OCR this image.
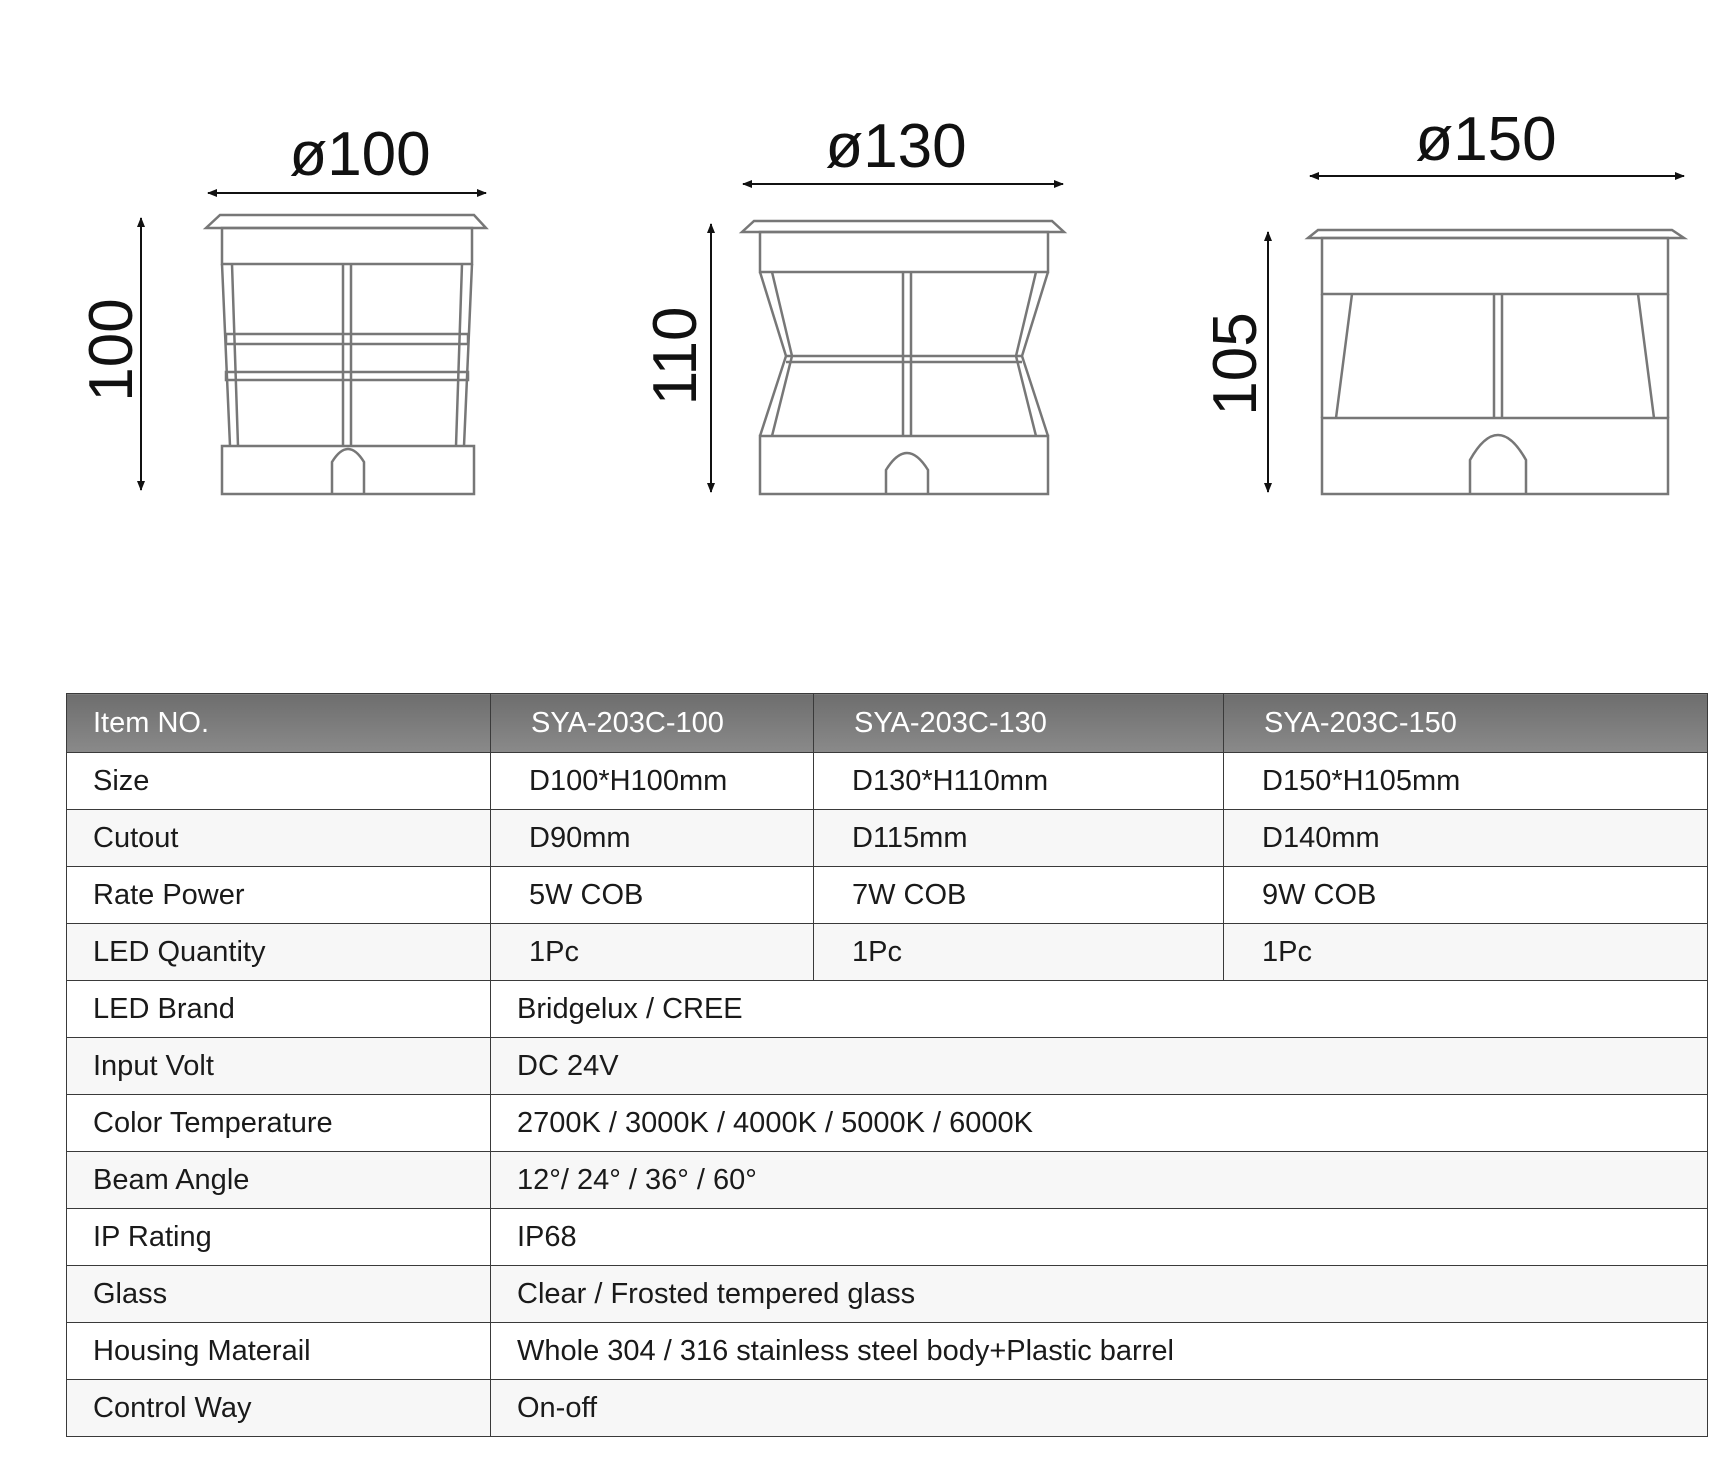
ø100
100
ø130
110
ø150
105
Item NO.	SYA-203C-100	SYA-203C-130	SYA-203C-150
Size	D100*H100mm	D130*H110mm	D150*H105mm
Cutout	D90mm	D115mm	D140mm
Rate Power	5W COB	7W COB	9W COB
LED Quantity	1Pc	1Pc	1Pc
LED Brand	Bridgelux / CREE		
Input Volt	DC 24V		
Color Temperature	2700K / 3000K / 4000K / 5000K / 6000K		
Beam Angle	12°/ 24° / 36° / 60°		
IP Rating	IP68		
Glass	Clear / Frosted tempered glass		
Housing Materail	Whole 304 / 316 stainless steel body+Plastic barrel		
Control Way	On-off		
